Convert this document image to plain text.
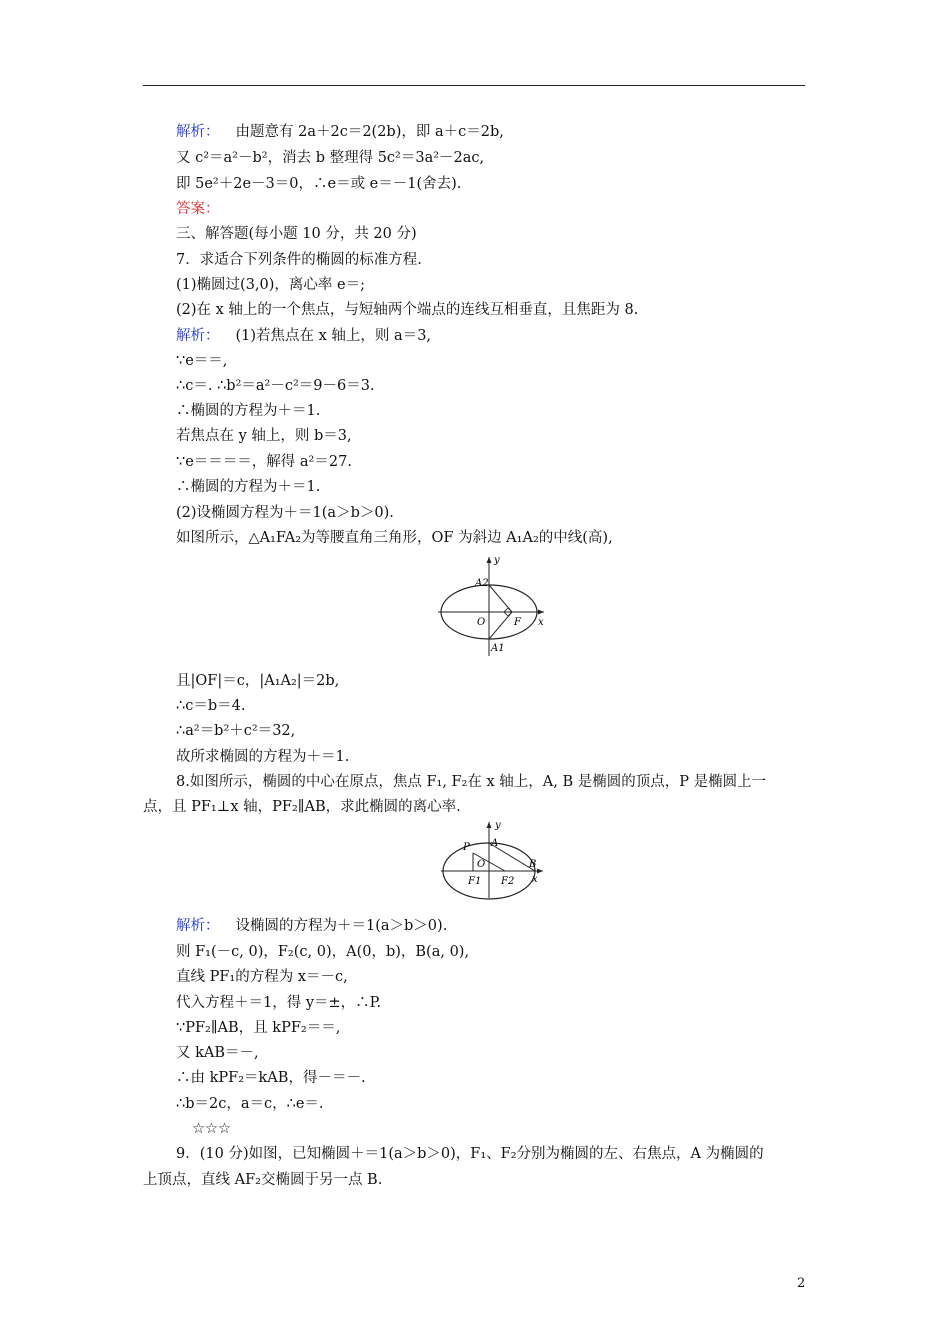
解析： 由题意有 2a＋2c＝2(2b)，即 a＋c＝2b,
又 c²＝a²－b²，消去 b 整理得 5c²＝3a²－2ac,
即 5e²＋2e－3＝0，∴e＝或 e＝－1(舍去).
答案：
三、解答题(每小题 10 分，共 20 分)
7．求适合下列条件的椭圆的标准方程.
(1)椭圆过(3,0)，离心率 e＝;
(2)在 x 轴上的一个焦点，与短轴两个端点的连线互相垂直，且焦距为 8.
解析： (1)若焦点在 x 轴上，则 a＝3,
∵e＝＝,
∴c＝. ∴b²＝a²－c²＝9－6＝3.
∴椭圆的方程为＋＝1.
若焦点在 y 轴上，则 b＝3,
∵e＝＝＝＝，解得 a²＝27.
∴椭圆的方程为＋＝1.
(2)设椭圆方程为＋＝1(a＞b＞0).
如图所示，△A₁FA₂为等腰直角三角形，OF 为斜边 A₁A₂的中线(高),
y
A2
O	F x
A1
且|OF|＝c，|A₁A₂|＝2b,
∴c＝b＝4.
∴a²＝b²＋c²＝32,
故所求椭圆的方程为＋＝1.
8.如图所示，椭圆的中心在原点，焦点 F₁, F₂在 x 轴上，A, B 是椭圆的顶点，P 是椭圆上一
点，且 PF₁⊥x 轴，PF₂∥AB，求此椭圆的离心率.
y
A
P
O	B
F1 F2 x
解析： 设椭圆的方程为＋＝1(a＞b＞0).
则 F₁(－c, 0)，F₂(c, 0)，A(0，b)，B(a, 0),
直线 PF₁的方程为 x＝－c,
代入方程＋＝1，得 y＝±，∴P.
∵PF₂∥AB，且 kPF₂＝＝,
又 kAB＝－,
∴由 kPF₂＝kAB，得－＝－.
∴b＝2c，a＝c，∴e＝.
☆☆☆
9．(10 分)如图，已知椭圆＋＝1(a＞b＞0)，F₁、F₂分别为椭圆的左、右焦点，A 为椭圆的
上顶点，直线 AF₂交椭圆于另一点 B.
2
